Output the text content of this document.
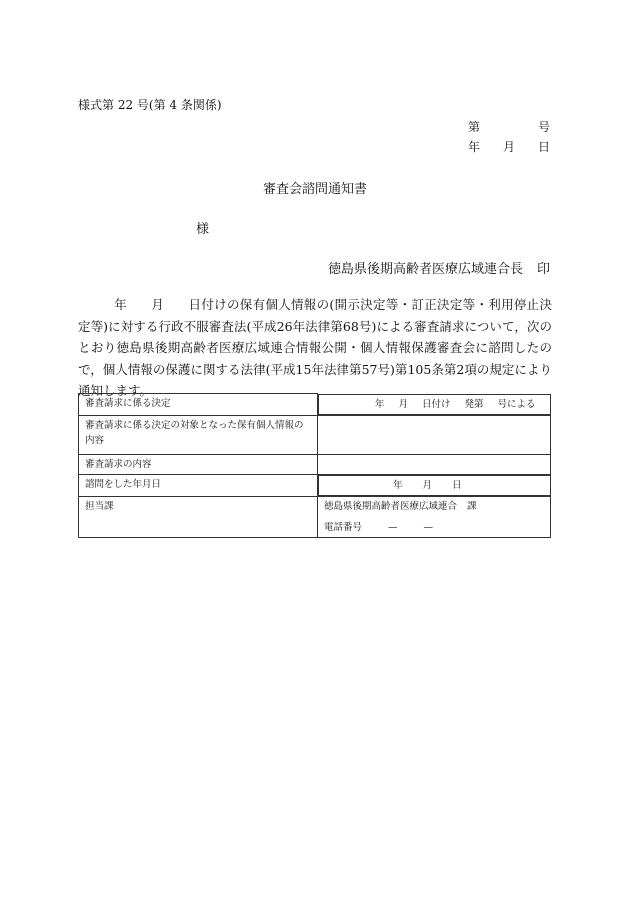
様式第 22 号(第 4 条関係)
第	号
年 月 日
審査会諮問通知書
様
徳島県後期高齢者医療広域連合長 印
年 月 日付けの保有個人情報の(開示決定等・訂正決定等・利用停止決定等)に対する行政不服審査法(平成26年法律第68号)による審査請求について，次のとおり徳島県後期高齢者医療広域連合情報公開・個人情報保護審査会に諮問したので，個人情報の保護に関する法律(平成15年法律第57号)第105条第2項の規定により通知します。
審査請求に係る決定		年 月 日付け 発第 号による

審査請求に係る決定の対象となった保有個人情報の内容	
審査請求の内容	
諮問をした年月日		年 月 日

担当課	徳島県後期高齢者医療広域連合 課
電話番号 — —
